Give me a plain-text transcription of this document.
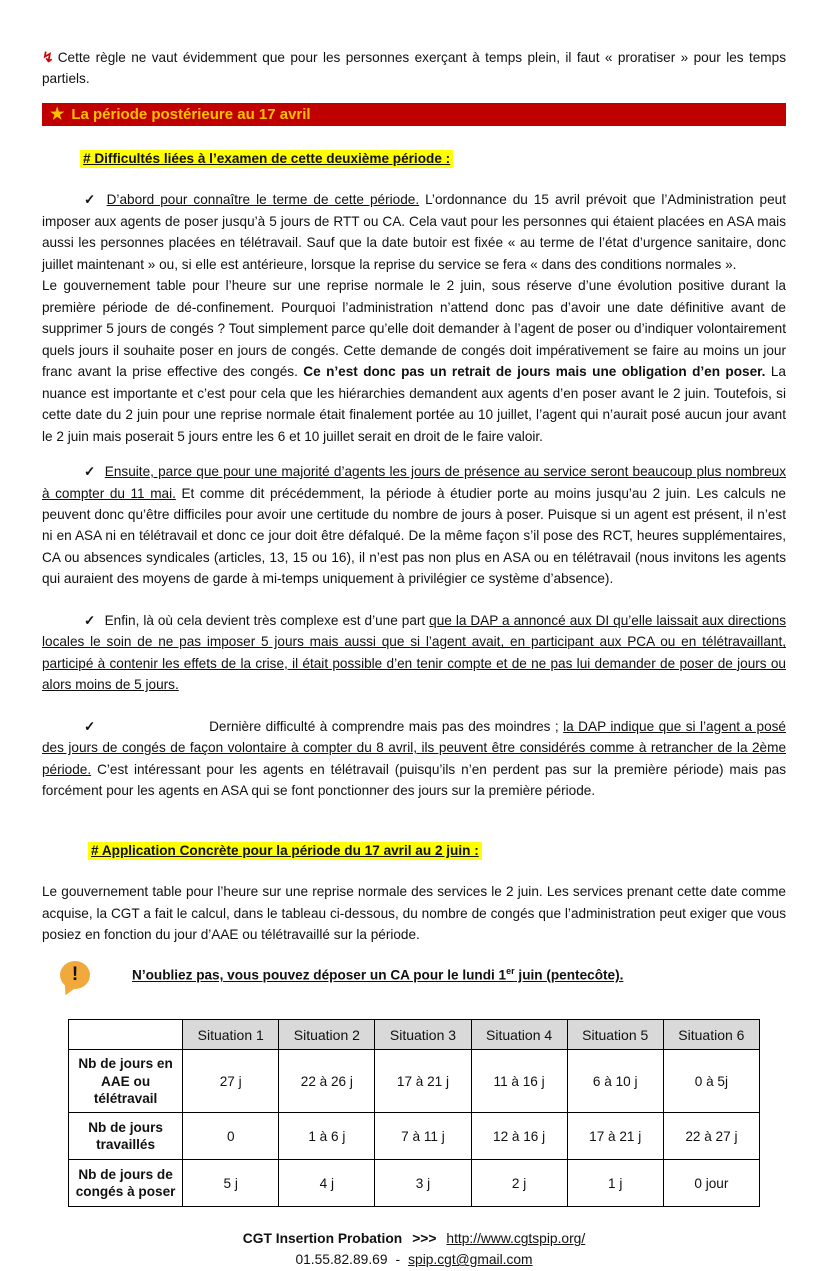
↯ Cette règle ne vaut évidemment que pour les personnes exerçant à temps plein, il faut « proratiser » pour les temps partiels.

★ La période postérieure au 17 avril
# Difficultés liées à l’examen de cette deuxième période :

✓ D’abord pour connaître le terme de cette période. L’ordonnance du 15 avril prévoit que l’Administration peut imposer aux agents de poser jusqu’à 5 jours de RTT ou CA. Cela vaut pour les personnes qui étaient placées en ASA mais aussi les personnes placées en télétravail. Sauf que la date butoir est fixée « au terme de l’état d’urgence sanitaire, donc juillet maintenant » ou, si elle est antérieure, lorsque la reprise du service se fera « dans des conditions normales ».

Le gouvernement table pour l’heure sur une reprise normale le 2 juin, sous réserve d’une évolution positive durant la première période de dé-confinement. Pourquoi l’administration n’attend donc pas d’avoir une date définitive avant de supprimer 5 jours de congés ? Tout simplement parce qu’elle doit demander à l’agent de poser ou d’indiquer volontairement quels jours il souhaite poser en jours de congés. Cette demande de congés doit impérativement se faire au moins un jour franc avant la prise effective des congés. Ce n’est donc pas un retrait de jours mais une obligation d’en poser. La nuance est importante et c’est pour cela que les hiérarchies demandent aux agents d’en poser avant le 2 juin. Toutefois, si cette date du 2 juin pour une reprise normale était finalement portée au 10 juillet, l’agent qui n’aurait posé aucun jour avant le 2 juin mais poserait 5 jours entre les 6 et 10 juillet serait en droit de le faire valoir.

✓ Ensuite, parce que pour une majorité d’agents les jours de présence au service seront beaucoup plus nombreux à compter du 11 mai. Et comme dit précédemment, la période à étudier porte au moins jusqu’au 2 juin. Les calculs ne peuvent donc qu’être difficiles pour avoir une certitude du nombre de jours à poser. Puisque si un agent est présent, il n’est ni en ASA ni en télétravail et donc ce jour doit être défalqué. De la même façon s’il pose des RCT, heures supplémentaires, CA ou absences syndicales (articles, 13, 15 ou 16), il n’est pas non plus en ASA ou en télétravail (nous invitons les agents qui auraient des moyens de garde à mi-temps uniquement à privilégier ce système d’absence).

✓ Enfin, là où cela devient très complexe est d’une part que la DAP a annoncé aux DI qu’elle laissait aux directions locales le soin de ne pas imposer 5 jours mais aussi que si l’agent avait, en participant aux PCA ou en télétravaillant, participé à contenir les effets de la crise, il était possible d’en tenir compte et de ne pas lui demander de poser de jours ou alors moins de 5 jours.

✓	Dernière difficulté à comprendre mais pas des moindres ; la DAP indique que si l’agent a posé des jours de congés de façon volontaire à compter du 8 avril, ils peuvent être considérés comme à retrancher de la 2ème période. C’est intéressant pour les agents en télétravail (puisqu’ils n’en perdent pas sur la première période) mais pas forcément pour les agents en ASA qui se font ponctionner des jours sur la première période.

# Application Concrète pour la période du 17 avril au 2 juin :

Le gouvernement table pour l’heure sur une reprise normale des services le 2 juin. Les services prenant cette date comme acquise, la CGT a fait le calcul, dans le tableau ci-dessous, du nombre de congés que l’administration peut exiger que vous posiez en fonction du jour d’AAE ou télétravaillé sur la période.

!	N’oubliez pas, vous pouvez déposer un CA pour le lundi 1er juin (pentecôte).
	Situation 1	Situation 2	Situation 3	Situation 4	Situation 5	Situation 6
Nb de jours en AAE ou télétravail	27 j	22 à 26 j	17 à 21 j	11 à 16 j	6 à 10 j	0 à 5j
Nb de jours travaillés	0	1 à 6 j	7 à 11 j	12 à 16 j	17 à 21 j	22 à 27 j
Nb de jours de congés à poser	5 j	4 j	3 j	2 j	1 j	0 jour
CGT Insertion Probation >>> http://www.cgtspip.org/
01.55.82.89.69 - spip.cgt@gmail.com
